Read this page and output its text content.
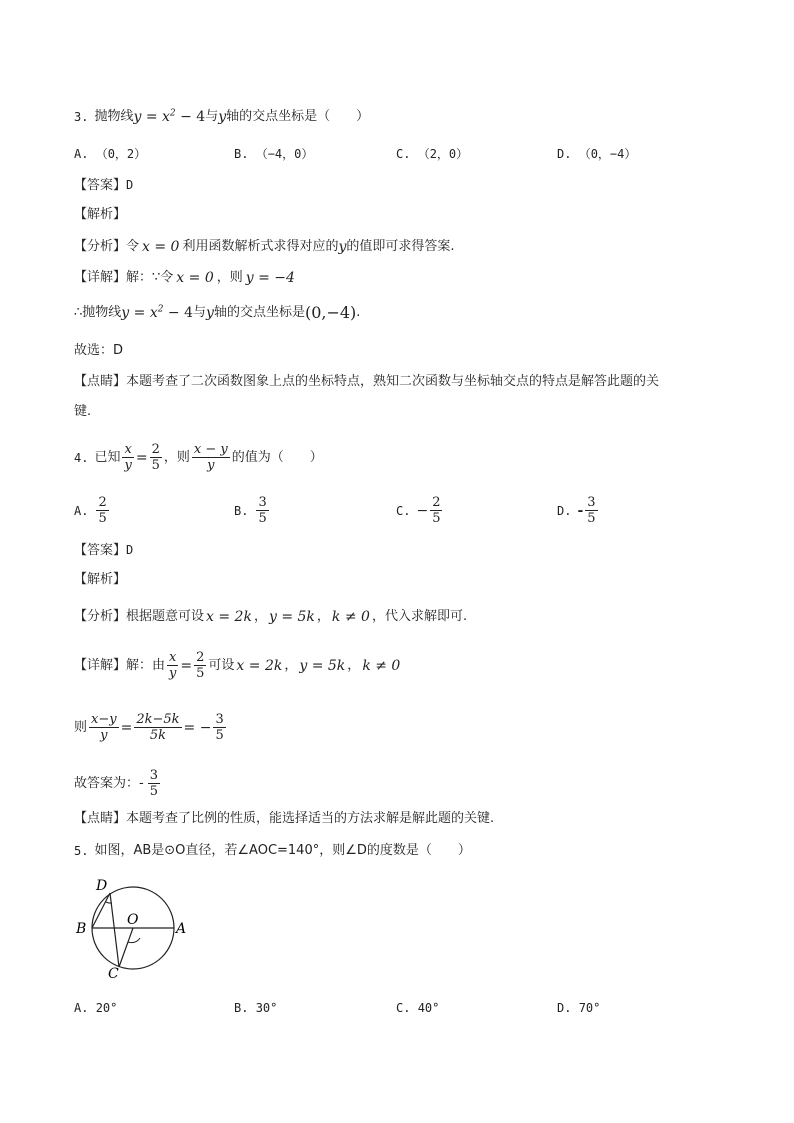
3. 抛物线 $y = x^2 - 4$ 与 y 轴的交点坐标是（　　）
A. （0，2）	B. （−4，0）	C. （2，0）	D. （0，−4）
【答案】D
【解析】
【分析】 令 x = 0 利用函数解析式求得对应的 y 的值即可求得答案.
【详解】 解：∵令 x = 0 ，则 y = −4
∴抛物线 $y = x^2 - 4$ 与 y 轴的交点坐标是 (0,−4) .
故选：D
【点睛】本题考查了二次函数图象上点的坐标特点，熟知二次函数与坐标轴交点的特点是解答此题的关
键.
4. 已知 $\frac{x}{y} = \frac{2}{5}$ ，则 $\frac{x - y}{y}$ 的值为（　　）
A. $\frac{2}{5}$	B. $\frac{3}{5}$	C. − $\frac{2}{5}$	D. - $\frac{3}{5}$
【答案】D
【解析】
【分析】 根据题意可设 x = 2k ， y = 5k ， k ≠ 0 ，代入求解即可.
【详解】 解：由 $\frac{x}{y} = \frac{2}{5}$ 可设 x = 2k ， y = 5k ， k ≠ 0
则 $\frac{x-y}{y} = \frac{2k-5k}{5k}$ = − $\frac{3}{5}$
故答案为：- $\frac{3}{5}$
【点睛】本题考查了比例的性质，能选择适当的方法求解是解此题的关键.
5. 如图，AB是⊙O直径，若∠AOC=140°，则∠D的度数是（　　）
D
O
B	A
C
A. 20°	B. 30°	C. 40°	D. 70°
